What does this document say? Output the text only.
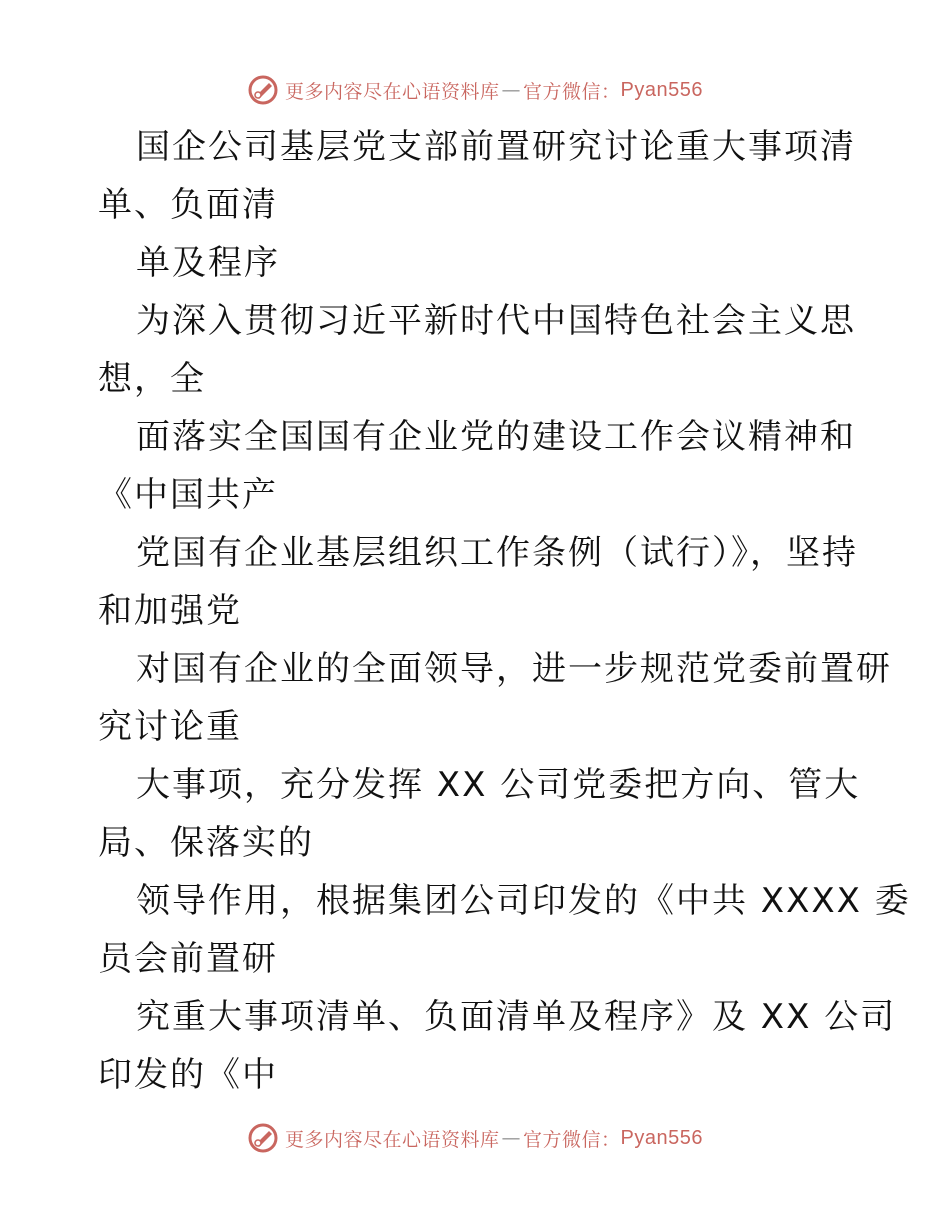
更多内容尽在心语资料库 — 官方微信： Pyan556
国企公司基层党支部前置研究讨论重大事项清
单、负面清
单及程序
为深入贯彻习近平新时代中国特色社会主义思
想，全
面落实全国国有企业党的建设工作会议精神和
《中国共产
党国有企业基层组织工作条例（试行）》，坚持
和加强党
对国有企业的全面领导，进一步规范党委前置研
究讨论重
大事项，充分发挥 XX 公司党委把方向、管大
局、保落实的
领导作用，根据集团公司印发的《中共 XXXX 委
员会前置研
究重大事项清单、负面清单及程序》及 XX 公司
印发的《中
更多内容尽在心语资料库 — 官方微信： Pyan556
